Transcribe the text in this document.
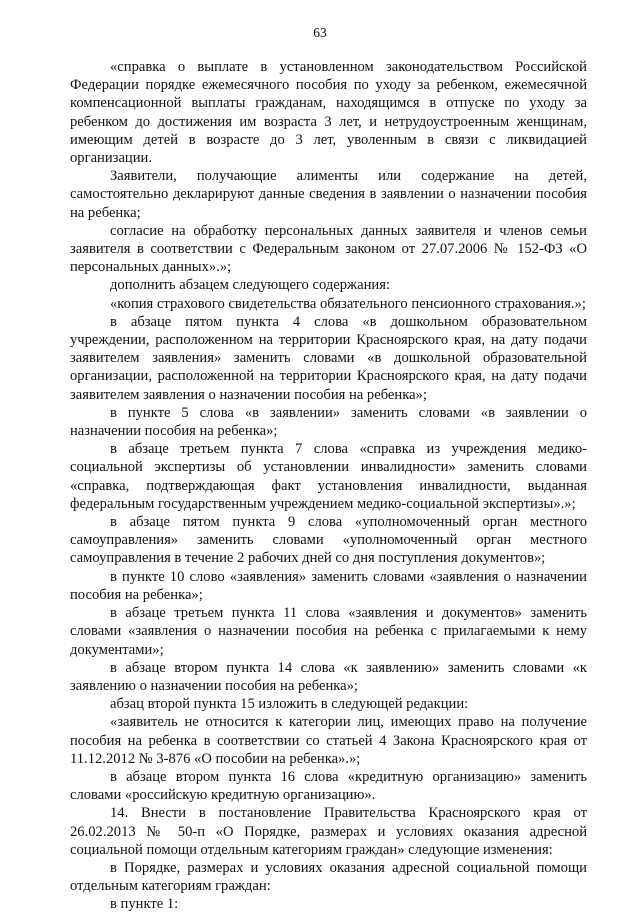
63

«справка о выплате в установленном законодательством Российской Федерации порядке ежемесячного пособия по уходу за ребенком, ежемесячной компенсационной выплаты гражданам, находящимся в отпуске по уходу за ребенком до достижения им возраста 3 лет, и нетрудоустроенным женщинам, имеющим детей в возрасте до 3 лет, уволенным в связи с ликвидацией организации.

Заявители, получающие алименты или содержание на детей, самостоятельно декларируют данные сведения в заявлении о назначении пособия на ребенка;

согласие на обработку персональных данных заявителя и членов семьи заявителя в соответствии с Федеральным законом от 27.07.2006 № 152-ФЗ «О персональных данных».»;

дополнить абзацем следующего содержания:

«копия страхового свидетельства обязательного пенсионного страхования.»;

в абзаце пятом пункта 4 слова «в дошкольном образовательном учреждении, расположенном на территории Красноярского края, на дату подачи заявителем заявления» заменить словами «в дошкольной образовательной организации, расположенной на территории Красноярского края, на дату подачи заявителем заявления о назначении пособия на ребенка»;

в пункте 5 слова «в заявлении» заменить словами «в заявлении о назначении пособия на ребенка»;

в абзаце третьем пункта 7 слова «справка из учреждения медико-социальной экспертизы об установлении инвалидности» заменить словами «справка, подтверждающая факт установления инвалидности, выданная федеральным государственным учреждением медико-социальной экспертизы».»;

в абзаце пятом пункта 9 слова «уполномоченный орган местного самоуправления» заменить словами «уполномоченный орган местного самоуправления в течение 2 рабочих дней со дня поступления документов»;

в пункте 10 слово «заявления» заменить словами «заявления о назначении пособия на ребенка»;

в абзаце третьем пункта 11 слова «заявления и документов» заменить словами «заявления о назначении пособия на ребенка с прилагаемыми к нему документами»;

в абзаце втором пункта 14 слова «к заявлению» заменить словами «к заявлению о назначении пособия на ребенка»;

абзац второй пункта 15 изложить в следующей редакции:

«заявитель не относится к категории лиц, имеющих право на получение пособия на ребенка в соответствии со статьей 4 Закона Красноярского края от 11.12.2012 № 3-876 «О пособии на ребенка».»;

в абзаце втором пункта 16 слова «кредитную организацию» заменить словами «российскую кредитную организацию».

14. Внести в постановление Правительства Красноярского края от 26.02.2013 № 50-п «О Порядке, размерах и условиях оказания адресной социальной помощи отдельным категориям граждан» следующие изменения:

в Порядке, размерах и условиях оказания адресной социальной помощи отдельным категориям граждан:

в пункте 1:
